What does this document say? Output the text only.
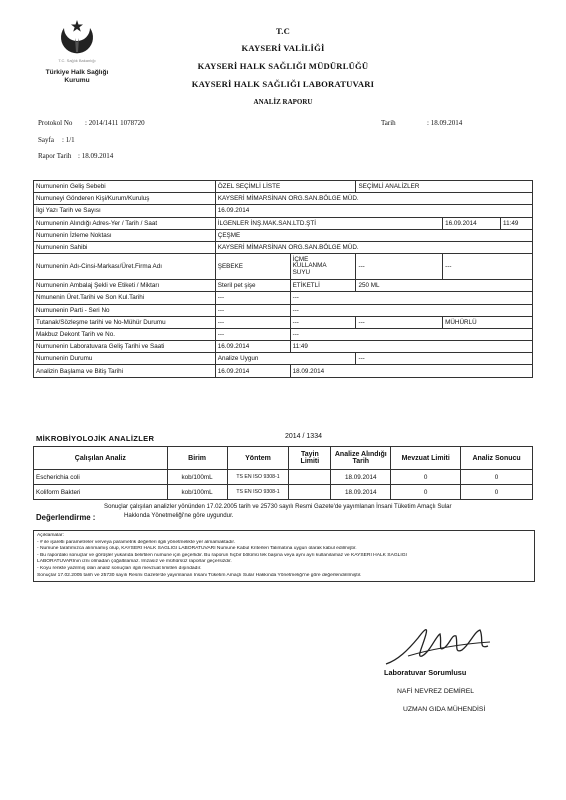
T.C. Sağlık Bakanlığı
Türkiye Halk Sağlığı
Kurumu
T.C
KAYSERİ VALİLİĞİ
KAYSERİ HALK SAĞLIĞI MÜDÜRLÜĞÜ
KAYSERİ HALK SAĞLIĞI LABORATUVARI
ANALİZ RAPORU
Protokol No : 2014/1411 1078720	Tarih	: 18.09.2014
Sayfa : 1/1
Rapor Tarih : 18.09.2014
Numunenin Geliş Sebebi	ÖZEL SEÇİMLİ LİSTE		SEÇİMLİ ANALİZLER		
Numuneyi Gönderen Kişi/Kurum/Kuruluş	KAYSERİ MİMARSİNAN ORG.SAN.BÖLGE MÜD.				
İlgi Yazı Tarih ve Sayısı	16.09.2014				
Numunenin Alındığı Adres-Yer / Tarih / Saat	İLGENLER İNŞ.MAK.SAN.LTD.ŞTİ			16.09.2014	11:49
Numunenin İzleme Noktası	ÇEŞME				
Numunenin Sahibi	KAYSERİ MİMARSİNAN ORG.SAN.BÖLGE MÜD.				
Numunenin Adı-Cinsi-Markası/Üret.Firma Adı	ŞEBEKE	İÇME
KULLANMA
SUYU	---	---	
Numunenin Ambalaj Şekli ve Etiketi / Miktarı	Steril pet şişe	ETİKETLİ	250 ML		
Nmunenin Üret.Tarihi ve Son Kul.Tarihi	---	---			
Numunenin Parti - Seri No	---	---			
Tutanak/Sözleşme tarihi ve No-Mühür Durumu	---	---	---	MÜHÜRLÜ	
Makbuz Dekont Tarih ve No.	---	---			
Numunenin Laboratuvara Geliş Tarihi ve Saati	16.09.2014	11:49			
Numunenin Durumu	Analize Uygun		---		
Analizin Başlama ve Bitiş Tarihi	16.09.2014	18.09.2014			
MİKROBİYOLOJİK ANALİZLER	2014 / 1334
Çalışılan Analiz	Birim	Yöntem	Tayin Limiti	Analize Alındığı Tarih	Mevzuat Limiti	Analiz Sonucu
Escherichia coli	kob/100mL	TS EN ISO 9308-1		18.09.2014	0	0
Koliform Bakteri	kob/100mL	TS EN ISO 9308-1		18.09.2014	0	0
Değerlendirme :
Sonuçlar çalışılan analizler yönünden 17.02.2005 tarih ve 25730 sayılı Resmi Gazete'de yayımlanan İnsani Tüketim Amaçlı Sular
Hakkında Yönetmeliği'ne göre uygundur.
Açıklamalar:
- # ile işaretli parametreler ve/veya parametrik değerleri ilgili yönetmelikte yer almamaktadır.
- Numune tarafımızca alınmamış olup, KAYSERİ HALK SAĞLIĞI LABORATUVARI Numune Kabul Kriterleri Talimatına uygun olarak kabul edilmiştir.
- Bu rapordaki sonuçlar ve görüşler yukarıda belirtilen numune için geçerlidir. Bu raporun hiçbir bölümü tek başına veya aynı ayrı kullanılamaz ve KAYSERİ HALK SAĞLIĞI
LABORATUVARInın izni olmadan çoğaltılamaz. İmzasız ve mühürsüz raporlar geçersizdir.
- Koyu renkte yazılmış olan analiz sonuçları ilgili mevzuat limitleri dışındadır.
Sonuçlar 17.02.2005 tarih ve 25730 sayılı Resmi Gazete'de yayımlanan İnsani Tüketim Amaçlı Sular Hakkında Yönetmeliği'ne göre değerlendirilmiştir.
Laboratuvar Sorumlusu
NAFİ NEVREZ DEMİREL
UZMAN GIDA MÜHENDİSİ
